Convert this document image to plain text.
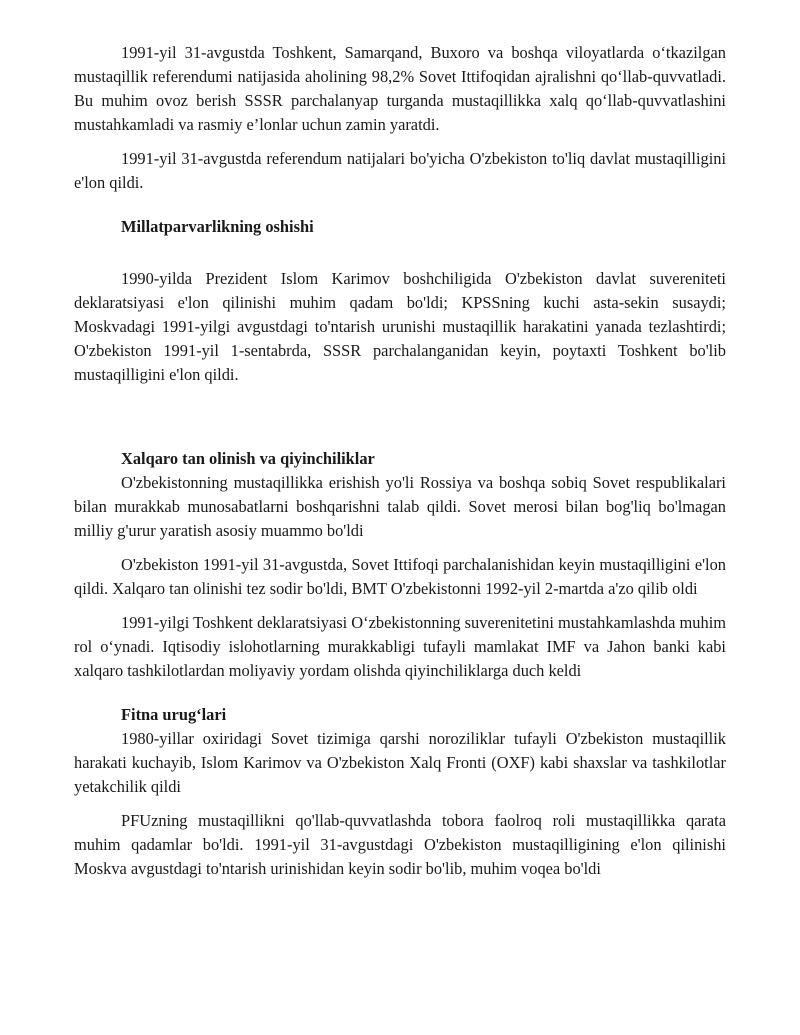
1991-yil 31-avgustda Toshkent, Samarqand, Buxoro va boshqa viloyatlarda o‘tkazilgan mustaqillik referendumi natijasida aholining 98,2% Sovet Ittifoqidan ajralishni qo‘llab-quvvatladi. Bu muhim ovoz berish SSSR parchalanyap turganda mustaqillikka xalq qo‘llab-quvvatlashini mustahkamladi va rasmiy e’lonlar uchun zamin yaratdi.

1991-yil 31-avgustda referendum natijalari bo'yicha O'zbekiston to'liq davlat mustaqilligini e'lon qildi.

Millatparvarlikning oshishi

1990-yilda Prezident Islom Karimov boshchiligida O'zbekiston davlat suvereniteti deklaratsiyasi e'lon qilinishi muhim qadam bo'ldi; KPSSning kuchi asta-sekin susaydi; Moskvadagi 1991-yilgi avgustdagi to'ntarish urunishi mustaqillik harakatini yanada tezlashtirdi; O'zbekiston 1991-yil 1-sentabrda, SSSR parchalanganidan keyin, poytaxti Toshkent bo'lib mustaqilligini e'lon qildi.

Xalqaro tan olinish va qiyinchiliklar

O'zbekistonning mustaqillikka erishish yo'li Rossiya va boshqa sobiq Sovet respublikalari bilan murakkab munosabatlarni boshqarishni talab qildi. Sovet merosi bilan bog'liq bo'lmagan milliy g'urur yaratish asosiy muammo bo'ldi

O'zbekiston 1991-yil 31-avgustda, Sovet Ittifoqi parchalanishidan keyin mustaqilligini e'lon qildi. Xalqaro tan olinishi tez sodir bo'ldi, BMT O'zbekistonni 1992-yil 2-martda a'zo qilib oldi

1991-yilgi Toshkent deklaratsiyasi O‘zbekistonning suverenitetini mustahkamlashda muhim rol o‘ynadi. Iqtisodiy islohotlarning murakkabligi tufayli mamlakat IMF va Jahon banki kabi xalqaro tashkilotlardan moliyaviy yordam olishda qiyinchiliklarga duch keldi

Fitna urug‘lari

1980-yillar oxiridagi Sovet tizimiga qarshi noroziliklar tufayli O'zbekiston mustaqillik harakati kuchayib, Islom Karimov va O'zbekiston Xalq Fronti (OXF) kabi shaxslar va tashkilotlar yetakchilik qildi

PFUzning mustaqillikni qo'llab-quvvatlashda tobora faolroq roli mustaqillikka qarata muhim qadamlar bo'ldi. 1991-yil 31-avgustdagi O'zbekiston mustaqilligining e'lon qilinishi Moskva avgustdagi to'ntarish urinishidan keyin sodir bo'lib, muhim voqea bo'ldi
